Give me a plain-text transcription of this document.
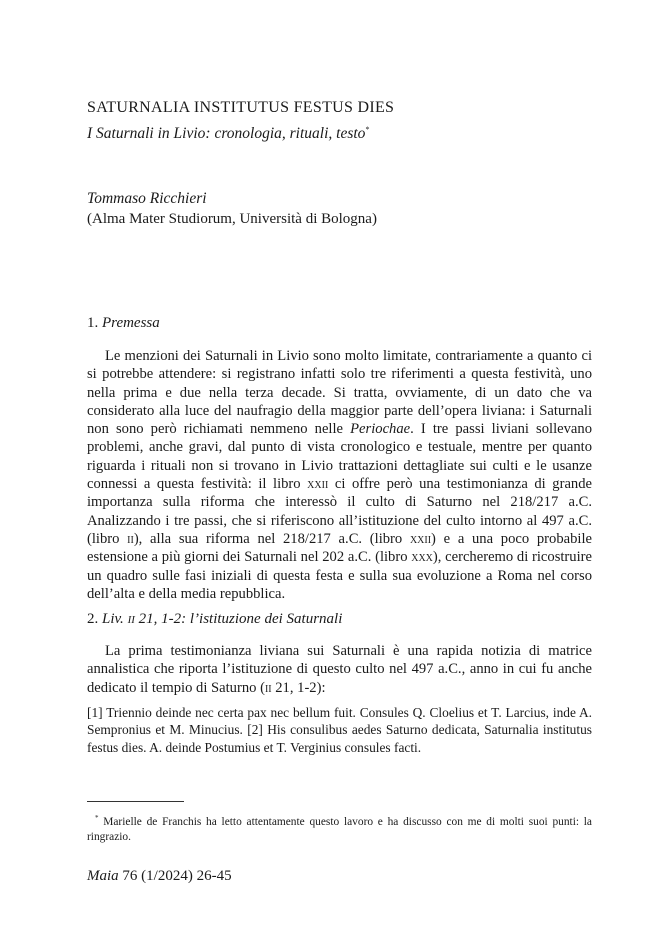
SATURNALIA INSTITUTUS FESTUS DIES
I Saturnali in Livio: cronologia, rituali, testo*
Tommaso Ricchieri
(Alma Mater Studiorum, Università di Bologna)
1. Premessa

Le menzioni dei Saturnali in Livio sono molto limitate, contrariamente a quanto ci si potrebbe attendere: si registrano infatti solo tre riferimenti a questa festività, uno nella prima e due nella terza decade. Si tratta, ovviamente, di un dato che va considerato alla luce del naufragio della maggior parte dell’opera liviana: i Saturnali non sono però richiamati nemmeno nelle Periochae. I tre passi liviani sollevano problemi, anche gravi, dal punto di vista cronologico e testuale, mentre per quanto riguarda i rituali non si trovano in Livio trattazioni dettagliate sui culti e le usanze connessi a questa festività: il libro xxii ci offre però una testimonianza di grande importanza sulla riforma che interessò il culto di Saturno nel 218/217 a.C. Analizzando i tre passi, che si riferiscono all’istituzione del culto intorno al 497 a.C. (libro ii), alla sua riforma nel 218/217 a.C. (libro xxii) e a una poco probabile estensione a più giorni dei Saturnali nel 202 a.C. (libro xxx), cercheremo di ricostruire un quadro sulle fasi iniziali di questa festa e sulla sua evoluzione a Roma nel corso dell’alta e della media repubblica.

2. Liv. ii 21, 1-2: l’istituzione dei Saturnali

La prima testimonianza liviana sui Saturnali è una rapida notizia di matrice annalistica che riporta l’istituzione di questo culto nel 497 a.C., anno in cui fu anche dedicato il tempio di Saturno (ii 21, 1-2):

[1] Triennio deinde nec certa pax nec bellum fuit. Consules Q. Cloelius et T. Larcius, inde A. Sempronius et M. Minucius. [2] His consulibus aedes Saturno dedicata, Saturnalia institutus festus dies. A. deinde Postumius et T. Verginius consules facti.

* Marielle de Franchis ha letto attentamente questo lavoro e ha discusso con me di molti suoi punti: la ringrazio.

Maia 76 (1/2024) 26-45
